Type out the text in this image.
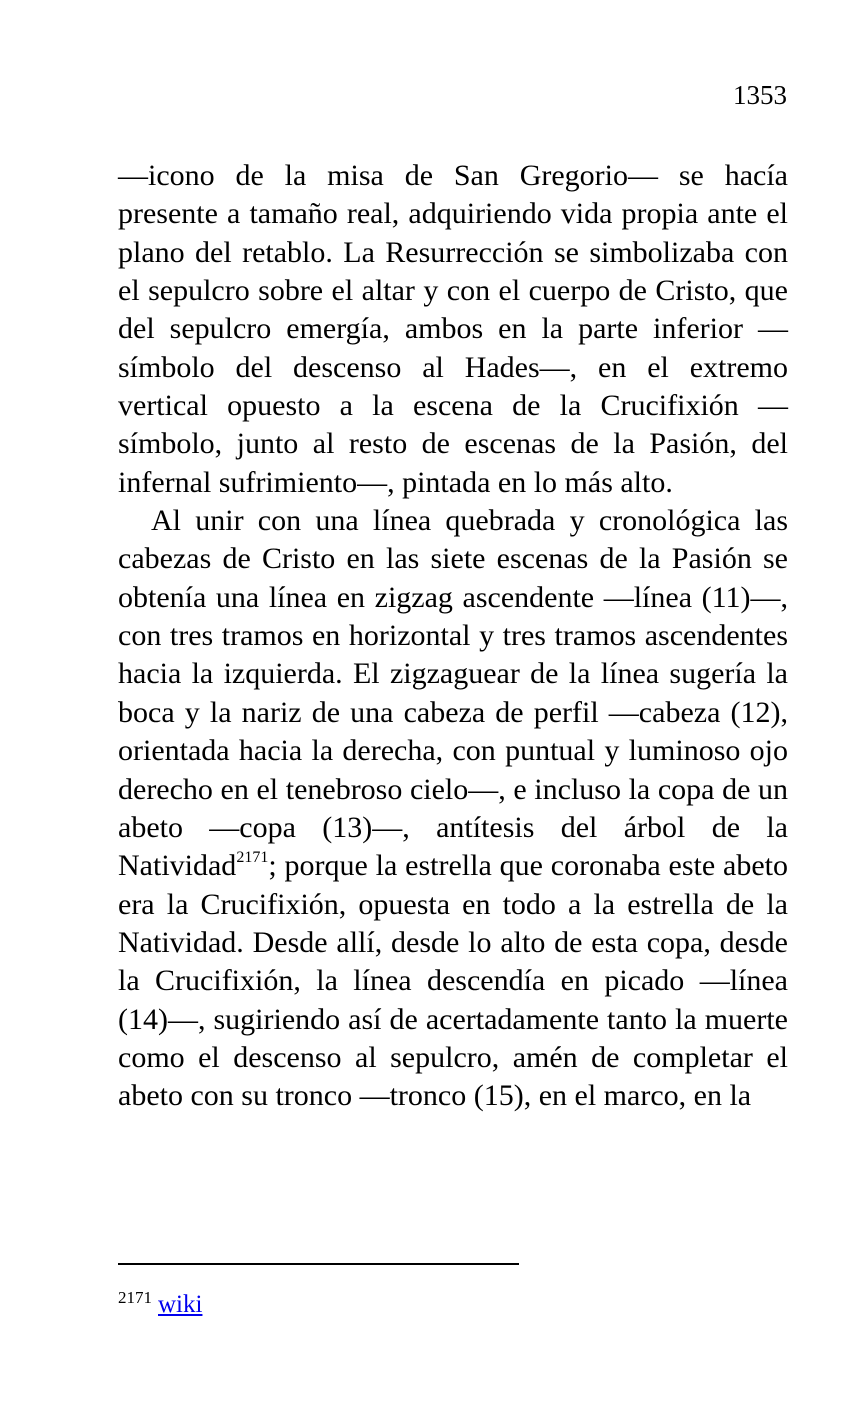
1353

—icono de la misa de San Gregorio— se hacía presente a tamaño real, adquiriendo vida propia ante el plano del retablo. La Resurrección se simbolizaba con el sepulcro sobre el altar y con el cuerpo de Cristo, que del sepulcro emergía, ambos en la parte inferior —símbolo del descenso al Hades—, en el extremo vertical opuesto a la escena de la Crucifixión —símbolo, junto al resto de escenas de la Pasión, del infernal sufrimiento—, pintada en lo más alto.

Al unir con una línea quebrada y cronológica las cabezas de Cristo en las siete escenas de la Pasión se obtenía una línea en zigzag ascendente —línea (11)—, con tres tramos en horizontal y tres tramos ascendentes hacia la izquierda. El zigzaguear de la línea sugería la boca y la nariz de una cabeza de perfil —cabeza (12), orientada hacia la derecha, con puntual y luminoso ojo derecho en el tenebroso cielo—, e incluso la copa de un abeto —copa (13)—, antítesis del árbol de la Natividad$^{2171}$; porque la estrella que coronaba este abeto era la Crucifixión, opuesta en todo a la estrella de la Natividad. Desde allí, desde lo alto de esta copa, desde la Crucifixión, la línea descendía en picado —línea (14)—, sugiriendo así de acertadamente tanto la muerte como el descenso al sepulcro, amén de completar el abeto con su tronco —tronco (15), en el marco, en la

$^{2171}$ wiki
